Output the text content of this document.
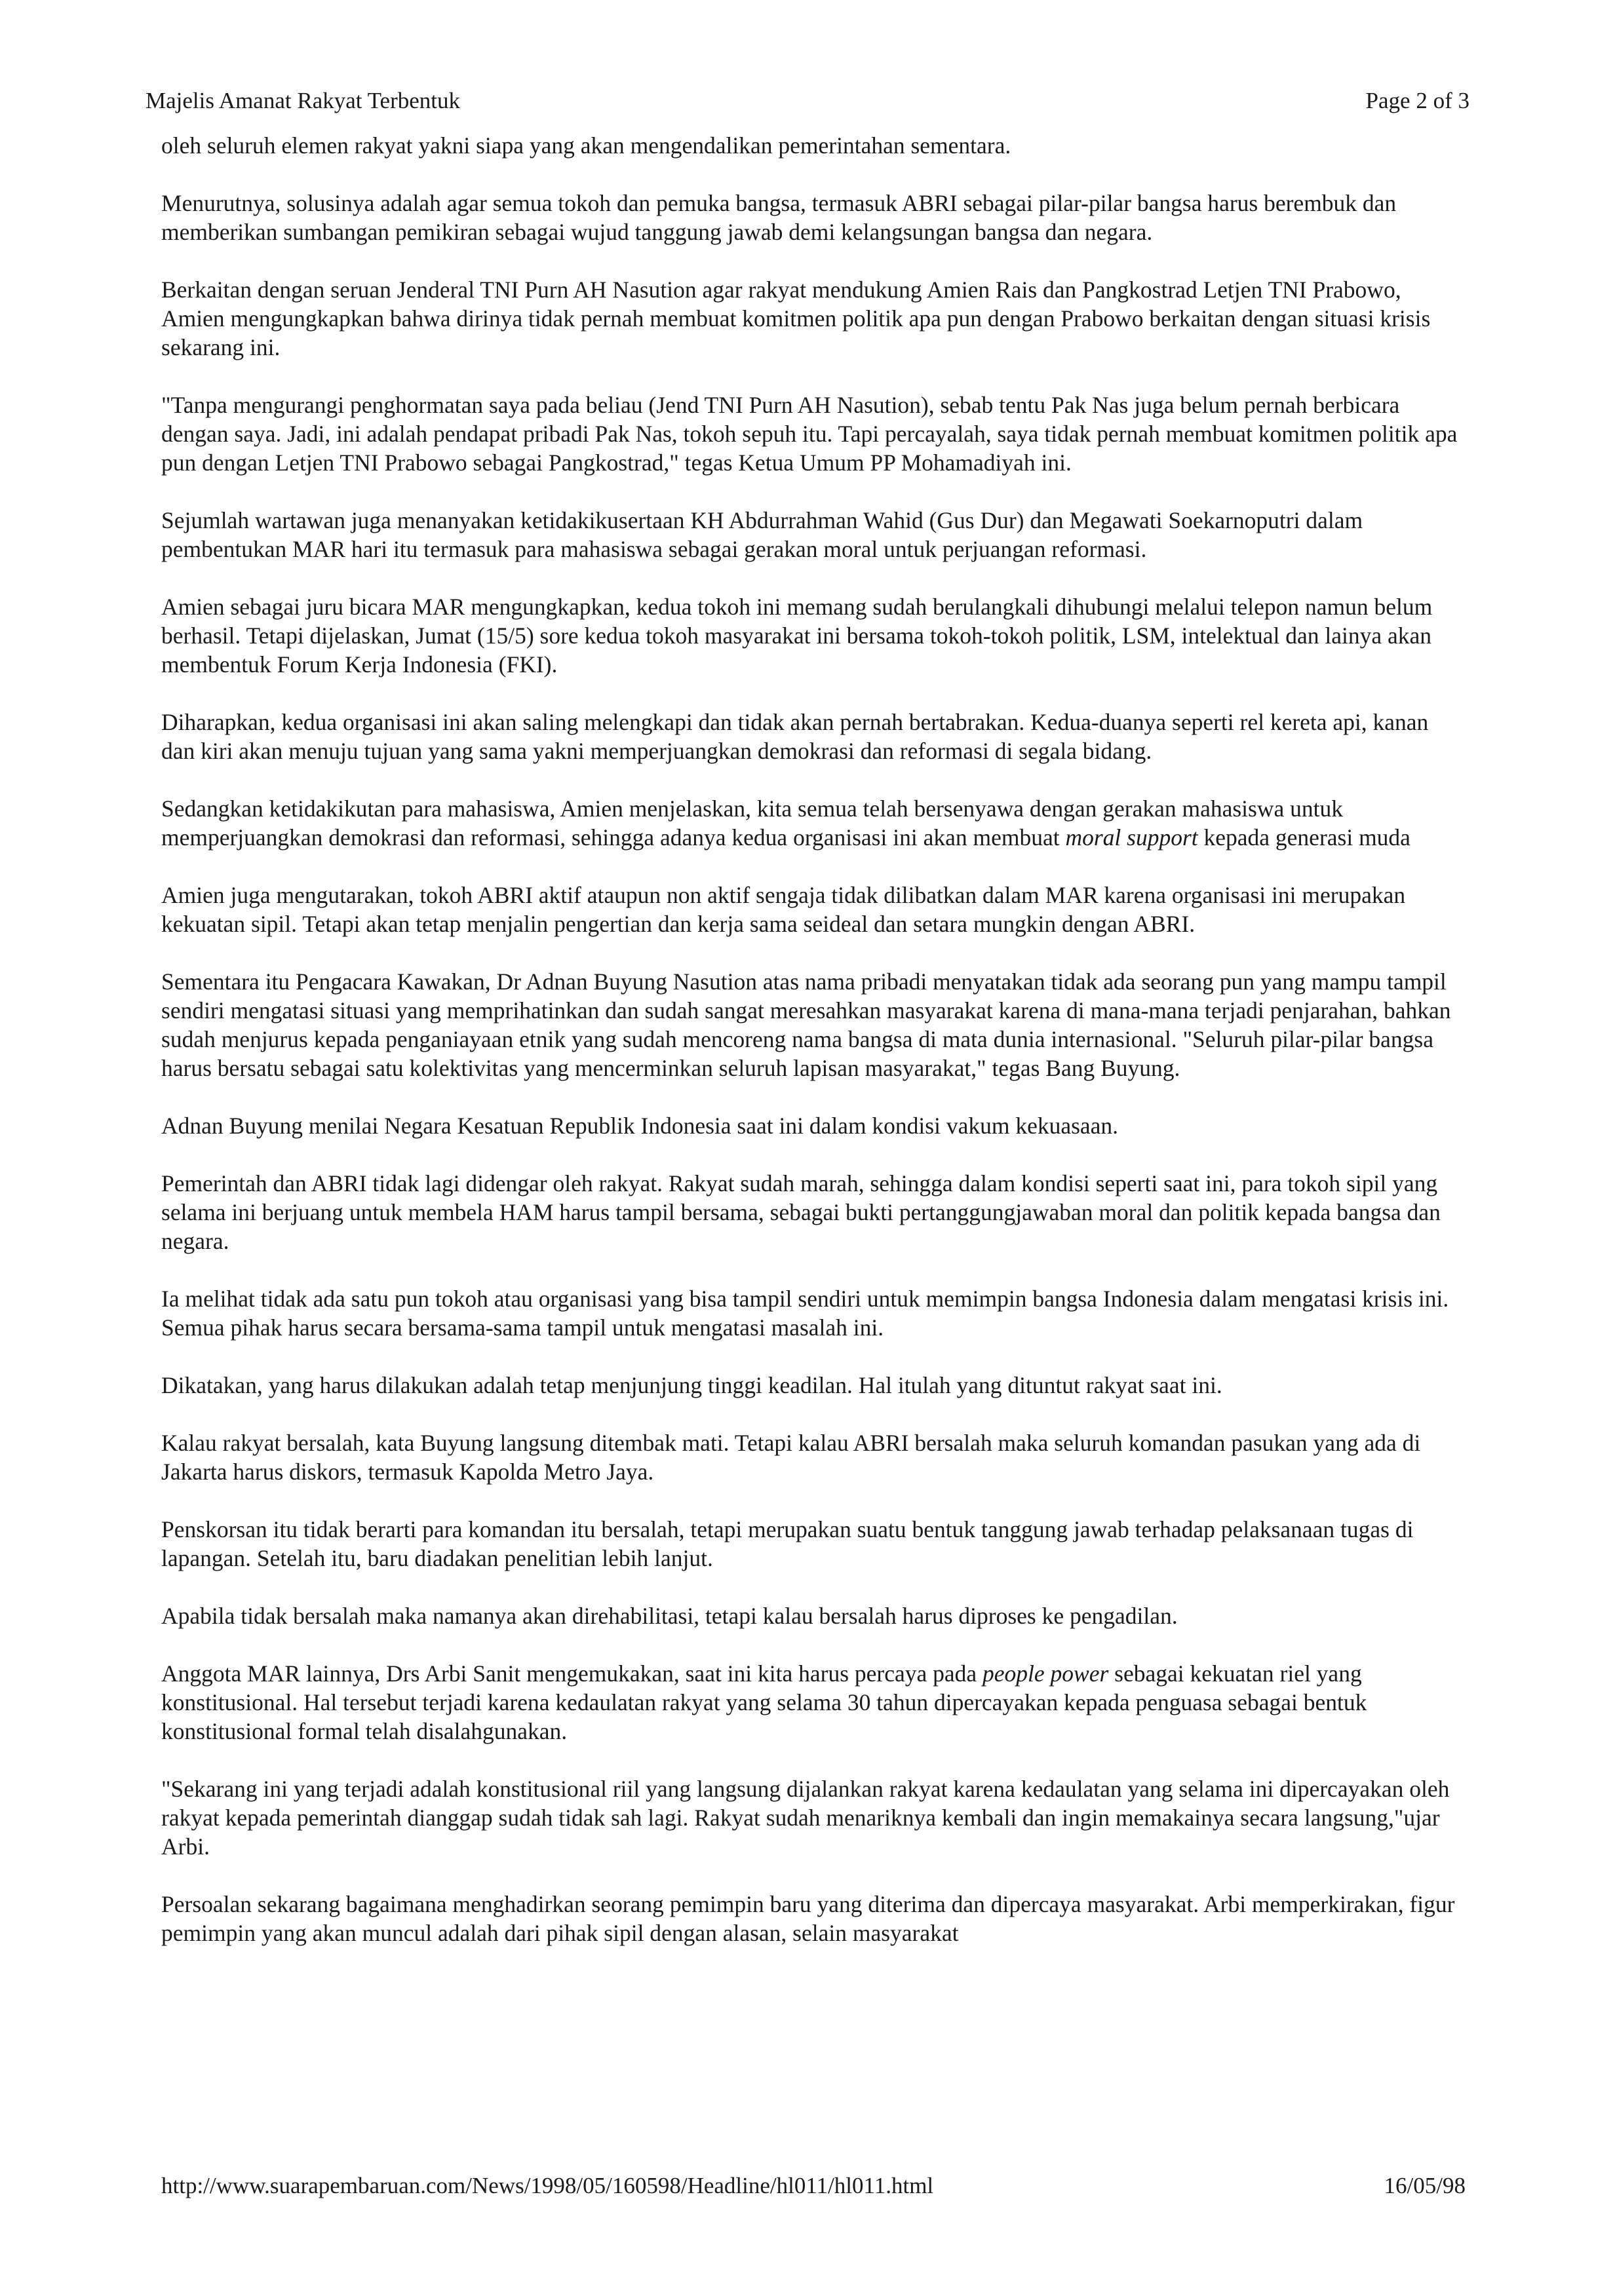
Majelis Amanat Rakyat Terbentuk	Page 2 of 3

oleh seluruh elemen rakyat yakni siapa yang akan mengendalikan pemerintahan sementara.

Menurutnya, solusinya adalah agar semua tokoh dan pemuka bangsa, termasuk ABRI sebagai pilar-pilar bangsa harus berembuk dan memberikan sumbangan pemikiran sebagai wujud tanggung jawab demi kelangsungan bangsa dan negara.

Berkaitan dengan seruan Jenderal TNI Purn AH Nasution agar rakyat mendukung Amien Rais dan Pangkostrad Letjen TNI Prabowo, Amien mengungkapkan bahwa dirinya tidak pernah membuat komitmen politik apa pun dengan Prabowo berkaitan dengan situasi krisis sekarang ini.

"Tanpa mengurangi penghormatan saya pada beliau (Jend TNI Purn AH Nasution), sebab tentu Pak Nas juga belum pernah berbicara dengan saya. Jadi, ini adalah pendapat pribadi Pak Nas, tokoh sepuh itu. Tapi percayalah, saya tidak pernah membuat komitmen politik apa pun dengan Letjen TNI Prabowo sebagai Pangkostrad," tegas Ketua Umum PP Mohamadiyah ini.

Sejumlah wartawan juga menanyakan ketidakikusertaan KH Abdurrahman Wahid (Gus Dur) dan Megawati Soekarnoputri dalam pembentukan MAR hari itu termasuk para mahasiswa sebagai gerakan moral untuk perjuangan reformasi.

Amien sebagai juru bicara MAR mengungkapkan, kedua tokoh ini memang sudah berulangkali dihubungi melalui telepon namun belum berhasil. Tetapi dijelaskan, Jumat (15/5) sore kedua tokoh masyarakat ini bersama tokoh-tokoh politik, LSM, intelektual dan lainya akan membentuk Forum Kerja Indonesia (FKI).

Diharapkan, kedua organisasi ini akan saling melengkapi dan tidak akan pernah bertabrakan. Kedua-duanya seperti rel kereta api, kanan dan kiri akan menuju tujuan yang sama yakni memperjuangkan demokrasi dan reformasi di segala bidang.

Sedangkan ketidakikutan para mahasiswa, Amien menjelaskan, kita semua telah bersenyawa dengan gerakan mahasiswa untuk memperjuangkan demokrasi dan reformasi, sehingga adanya kedua organisasi ini akan membuat moral support kepada generasi muda

Amien juga mengutarakan, tokoh ABRI aktif ataupun non aktif sengaja tidak dilibatkan dalam MAR karena organisasi ini merupakan kekuatan sipil. Tetapi akan tetap menjalin pengertian dan kerja sama seideal dan setara mungkin dengan ABRI.

Sementara itu Pengacara Kawakan, Dr Adnan Buyung Nasution atas nama pribadi menyatakan tidak ada seorang pun yang mampu tampil sendiri mengatasi situasi yang memprihatinkan dan sudah sangat meresahkan masyarakat karena di mana-mana terjadi penjarahan, bahkan sudah menjurus kepada penganiayaan etnik yang sudah mencoreng nama bangsa di mata dunia internasional. "Seluruh pilar-pilar bangsa harus bersatu sebagai satu kolektivitas yang mencerminkan seluruh lapisan masyarakat," tegas Bang Buyung.

Adnan Buyung menilai Negara Kesatuan Republik Indonesia saat ini dalam kondisi vakum kekuasaan.

Pemerintah dan ABRI tidak lagi didengar oleh rakyat. Rakyat sudah marah, sehingga dalam kondisi seperti saat ini, para tokoh sipil yang selama ini berjuang untuk membela HAM harus tampil bersama, sebagai bukti pertanggungjawaban moral dan politik kepada bangsa dan negara.

Ia melihat tidak ada satu pun tokoh atau organisasi yang bisa tampil sendiri untuk memimpin bangsa Indonesia dalam mengatasi krisis ini. Semua pihak harus secara bersama-sama tampil untuk mengatasi masalah ini.

Dikatakan, yang harus dilakukan adalah tetap menjunjung tinggi keadilan. Hal itulah yang dituntut rakyat saat ini.

Kalau rakyat bersalah, kata Buyung langsung ditembak mati. Tetapi kalau ABRI bersalah maka seluruh komandan pasukan yang ada di Jakarta harus diskors, termasuk Kapolda Metro Jaya.

Penskorsan itu tidak berarti para komandan itu bersalah, tetapi merupakan suatu bentuk tanggung jawab terhadap pelaksanaan tugas di lapangan. Setelah itu, baru diadakan penelitian lebih lanjut.

Apabila tidak bersalah maka namanya akan direhabilitasi, tetapi kalau bersalah harus diproses ke pengadilan.

Anggota MAR lainnya, Drs Arbi Sanit mengemukakan, saat ini kita harus percaya pada people power sebagai kekuatan riel yang konstitusional. Hal tersebut terjadi karena kedaulatan rakyat yang selama 30 tahun dipercayakan kepada penguasa sebagai bentuk konstitusional formal telah disalahgunakan.

"Sekarang ini yang terjadi adalah konstitusional riil yang langsung dijalankan rakyat karena kedaulatan yang selama ini dipercayakan oleh rakyat kepada pemerintah dianggap sudah tidak sah lagi. Rakyat sudah menariknya kembali dan ingin memakainya secara langsung,"ujar Arbi.

Persoalan sekarang bagaimana menghadirkan seorang pemimpin baru yang diterima dan dipercaya masyarakat. Arbi memperkirakan, figur pemimpin yang akan muncul adalah dari pihak sipil dengan alasan, selain masyarakat

http://www.suarapembaruan.com/News/1998/05/160598/Headline/hl011/hl011.html	16/05/98
